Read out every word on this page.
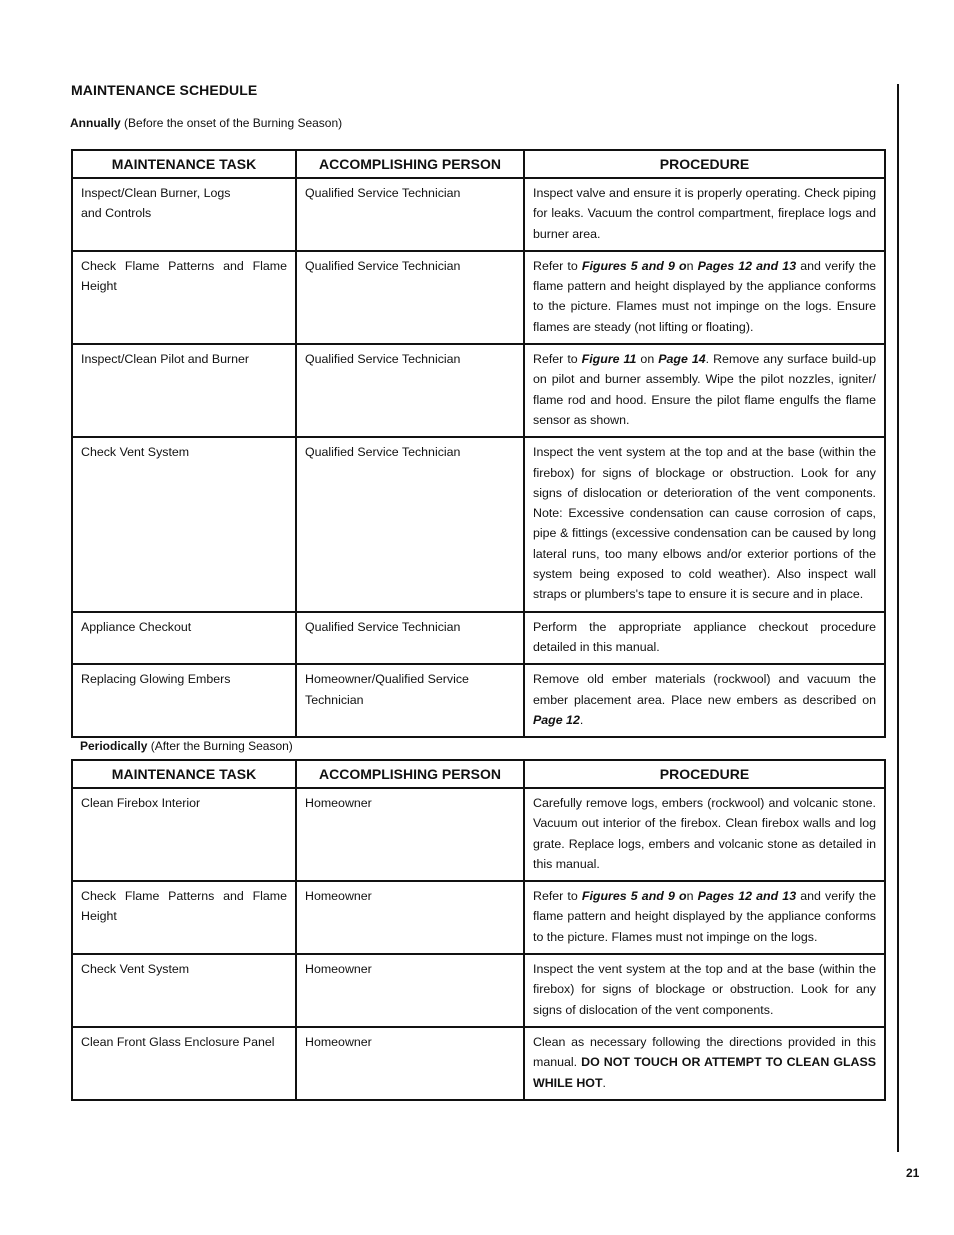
MAINTENANCE SCHEDULE
Annually (Before the onset of the Burning Season)
MAINTENANCE TASK	ACCOMPLISHING PERSON	PROCEDURE
Inspect/Clean Burner, Logs
and Controls	Qualified Service Technician	Inspect valve and ensure it is properly operating. Check piping for leaks. Vacuum the control compartment, fireplace logs and burner area.
Check Flame Patterns and Flame Height	Qualified Service Technician	Refer to Figures 5 and 9 on Pages 12 and 13 and verify the flame pattern and height displayed by the appliance conforms to the picture. Flames must not impinge on the logs. Ensure flames are steady (not lifting or floating).
Inspect/Clean Pilot and Burner	Qualified Service Technician	Refer to Figure 11 on Page 14. Remove any surface build-up on pilot and burner assembly. Wipe the pilot nozzles, igniter/ flame rod and hood. Ensure the pilot flame engulfs the flame sensor as shown.
Check Vent System	Qualified Service Technician	Inspect the vent system at the top and at the base (within the firebox) for signs of blockage or obstruction. Look for any signs of dislocation or deterioration of the vent components. Note: Excessive condensation can cause corrosion of caps, pipe & fittings (excessive condensation can be caused by long lateral runs, too many elbows and/or exterior portions of the system being exposed to cold weather). Also inspect wall straps or plumbers's tape to ensure it is secure and in place.
Appliance Checkout	Qualified Service Technician	Perform the appropriate appliance checkout procedure detailed in this manual.
Replacing Glowing Embers	Homeowner/Qualified Service Technician	Remove old ember materials (rockwool) and vacuum the ember placement area. Place new embers as described on Page 12.
Periodically (After the Burning Season)
MAINTENANCE TASK	ACCOMPLISHING PERSON	PROCEDURE
Clean Firebox Interior	Homeowner	Carefully remove logs, embers (rockwool) and volcanic stone. Vacuum out interior of the firebox. Clean firebox walls and log grate. Replace logs, embers and volcanic stone as detailed in this manual.
Check Flame Patterns and Flame Height	Homeowner	Refer to Figures 5 and 9 on Pages 12 and 13 and verify the flame pattern and height displayed by the appliance conforms to the picture. Flames must not impinge on the logs.
Check Vent System	Homeowner	Inspect the vent system at the top and at the base (within the firebox) for signs of blockage or obstruction. Look for any signs of dislocation of the vent components.
Clean Front Glass Enclosure Panel	Homeowner	Clean as necessary following the directions provided in this manual. DO NOT TOUCH OR ATTEMPT TO CLEAN GLASS WHILE HOT.
21
